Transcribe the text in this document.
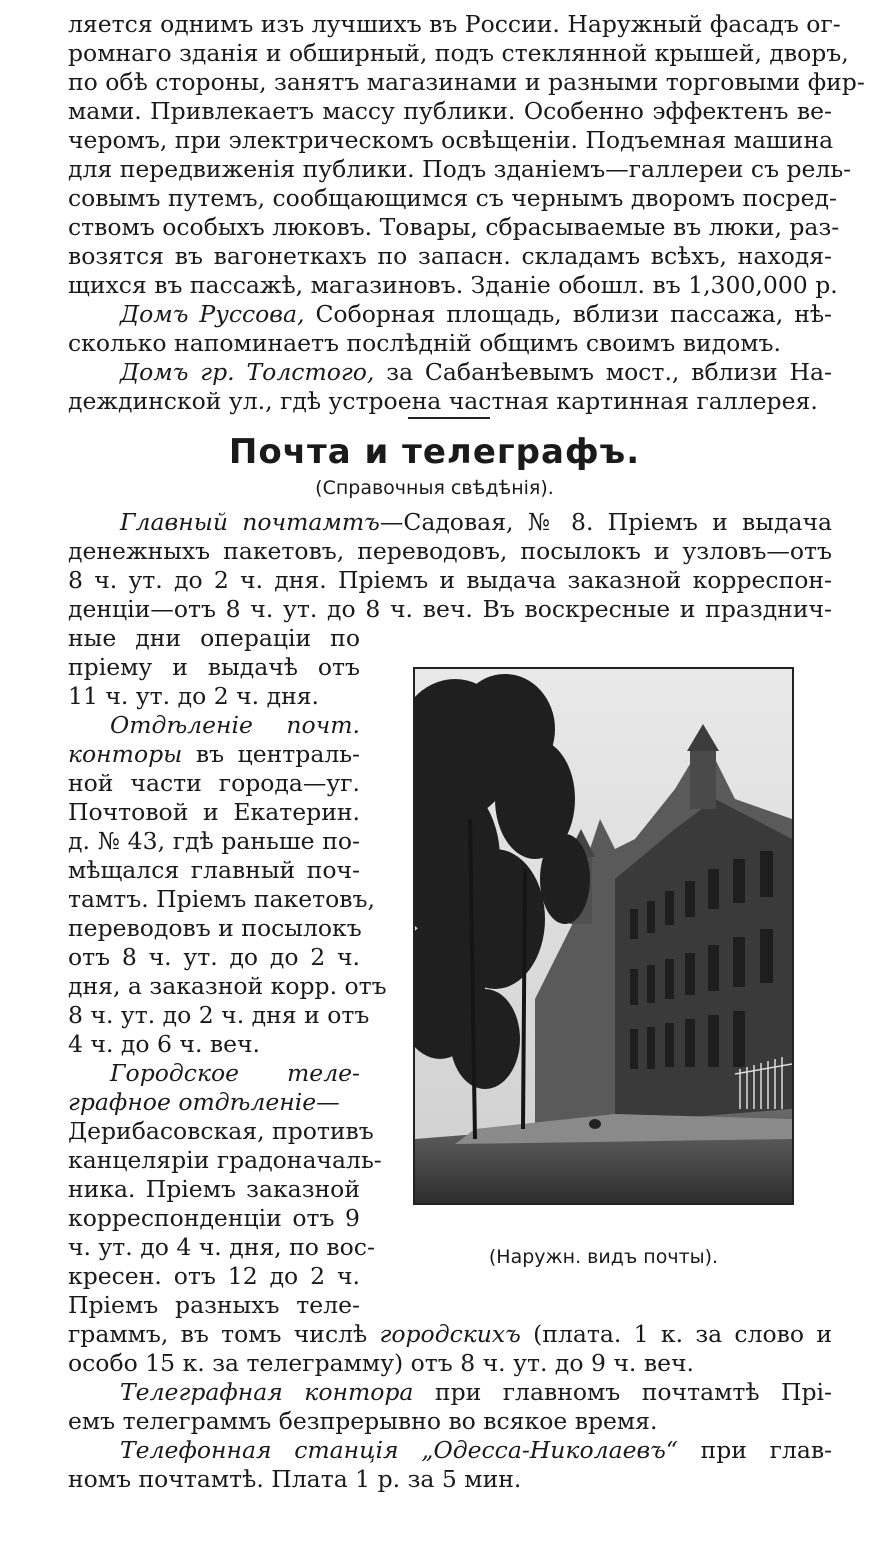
ляется однимъ изъ лучшихъ въ России. Наружный фасадъ ог-
ромнаго зданія и обширный, подъ стеклянной крышей, дворъ,
по обѣ стороны, занятъ магазинами и разными торговыми фир-
мами. Привлекаетъ массу публики. Особенно эффектенъ ве-
черомъ, при электрическомъ освѣщеніи. Подъемная машина
для передвиженія публики. Подъ зданіемъ—галлереи съ рель-
совымъ путемъ, сообщающимся съ чернымъ дворомъ посред-
ствомъ особыхъ люковъ. Товары, сбрасываемые въ люки, раз-
возятся въ вагонеткахъ по запасн. складамъ всѣхъ, находя-
щихся въ пассажѣ, магазиновъ. Зданіе обошл. въ 1,300,000 р.
Домъ Руссова, Соборная площадь, вблизи пассажа, нѣ-
сколько напоминаетъ послѣдній общимъ своимъ видомъ.
Домъ гр. Толстого, за Сабанѣевымъ мост., вблизи На-
деждинской ул., гдѣ устроена частная картинная галлерея.
Почта и телеграфъ.
(Справочныя свѣдѣнія).
Главный почтамтъ—Садовая, № 8. Пріемъ и выдача
денежныхъ пакетовъ, переводовъ, посылокъ и узловъ—отъ
8 ч. ут. до 2 ч. дня. Пріемъ и выдача заказной корреспон-
денціи—отъ 8 ч. ут. до 8 ч. веч. Въ воскресные и празднич-
ные дни операціи по
пріему и выдачѣ отъ
11 ч. ут. до 2 ч. дня.
Отдѣленіе почт.
конторы въ централь-
ной части города—уг.
Почтовой и Екатерин.
д. № 43, гдѣ раньше по-
мѣщался главный поч-
тамтъ. Пріемъ пакетовъ,
переводовъ и посылокъ
отъ 8 ч. ут. до до 2 ч.
дня, а заказной корр. отъ
8 ч. ут. до 2 ч. дня и отъ
4 ч. до 6 ч. веч.
Городское теле-
графное отдѣленіе—
Дерибасовская, противъ
канцеляріи градоначаль-
ника. Пріемъ заказной
корреспонденціи отъ 9
ч. ут. до 4 ч. дня, по вос-
кресен. отъ 12 до 2 ч.
Пріемъ разныхъ теле-
граммъ, въ томъ числѣ городскихъ (плата. 1 к. за слово и
особо 15 к. за телеграмму) отъ 8 ч. ут. до 9 ч. веч.
Телеграфная контора при главномъ почтамтѣ Прі-
емъ телеграммъ безпрерывно во всякое время.
Телефонная станція „Одесса-Николаевъ“ при глав-
номъ почтамтѣ. Плата 1 р. за 5 мин.
(Наружн. видъ почты).
